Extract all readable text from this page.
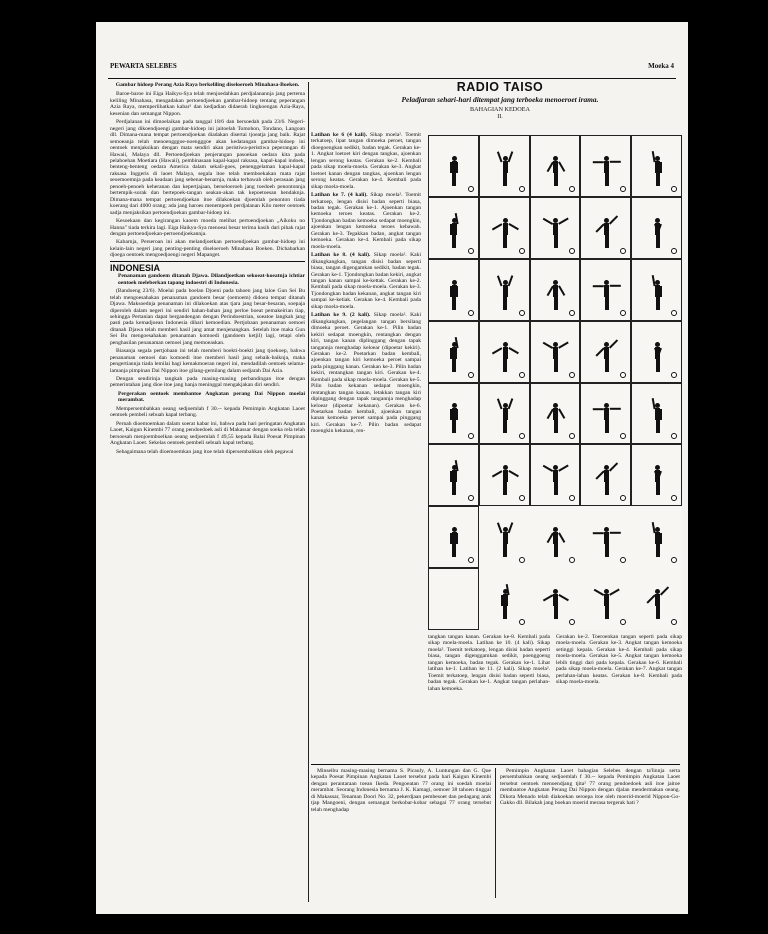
PEWARTA SELEBES	Moeka 4

Gambar hidoep Perang Azia Raya berkeliling diseloeroeh Minahasa-Boeken.

Baroe-baroe ini Eiga Haikyu-Sya telah menjoedahkan perdjalanannja jang pertema keliling Minahasa, mengadakan pertoendjoekan gambar-hidoep tentang peperangan Azia Raya, memperlihatkan kabar² dan kedjadian didaerah lingkoengan Azia-Raya, kesenian dan semangat Nippon.

Perdjalanan ini dimoelaikan pada tanggal 18/6 dan bersoedah pada 23/6. Negeri-negeri jang dikoendjoengi gambar-hidoep ini jaitoelah Tomohon, Tondano, Langoan dll. Dimana-mana tempat pertoendjoekan diadakan disertai tjoeatja jang baik. Rajat semoeanja telah menoengggoe-noengggoe akan kedatangan gambar-hidoep ini oentoek menjaksikan dengan mata sendiri akan peristiwa-peristiwa peperangan di Hawaii, Malaya dll. Pertoendjoekan penjerangan pasoekan oedara kita pada pelaboehan Moetiara (Hawaii), pembinasaan kapal-kapal raksasa, kapal-kapal indoek, benteng-benteng oedara America dalam sekali-goes, penenggelaman kapal-kapal raksasa Inggeris di laoet Malaya, segala itoe telah memboekakan mata rajat seoemoemnja pada keadaan jang sebenar-benarnja, maka terbawah oleh perasaan jang penoeh-penoeh keheranan dan kepertjajaan, berseloeroeh jang toedoeh penontonnja bertempik-sorak dan bertepoek-tangan seakan-akan tak kepoetoesan hendaknja. Dimana-mana tempat pertoendjoekan itoe dilakoekan djoemlah penonton tiada koerang dari 4000 orang; ada jang haroes menempoeh perdjalanan Kilo meter oentoek sadja menjaksikan pertoendjoekan gambar-hidoep ini.

Kesoekaan dan kegirangan kaoem moeda melihat pertoendjoekan „Aikoku no Hanna" tiada terkira lagi. Eiga Haikyu-Sya menoeai besar terima kasih dari pihak rajat dengan pertoendjoekan-pertoendjoekannja.

Kabarnja, Perseroan ini akan melandjoetkan pertoendjoekan gambar-hidoep ini kelain-lain negeri jang penting-penting diseloeroeh Minahasa Boeken. Dichabarkan djoega oentoek mengoedjoengi negeri Mapanget.

INDONESIA

Penanaman gandoem ditanah Djawa. Dilandjoetkan sekoeat-koeatnja ichtiar oentoek meleberkan tapang indoestri di Indonesia.

(Bandoeng 23/6). Moelai pada boelan Djoeni pada tahoen jang laloe Gun Sei Bu telah mengoesahakan penanaman gandoem besar (oemoem) didoea tempat ditanah Djawa. Maksoednja penanaman ini dilakoekan atas tjara jang besar-besaran, soepaja diperoleh dalam negeri ini sendiri bahan-bahan jang perloe boeat pemakeirian tiap, sehingga Pertanian dapat bergandengan dengan Perindoestrian, soeatoe langkah jang pasti pada kemadjoean Indonesia dihari kemoedian. Pertjobaan penanaman oemoei ditanah Djawa telah memberi hasil jang amat menjenangkan. Setelah itoe maka Gun Sei Bu mengoesahakan penanaman komoedi (gandoem ketjil) lagi, tetapi oleh penghasilan penanaman oemoei jang memoeaskan.

Biasanja segala pertjobaan ini telah memberi boekti-boekti jang tjoekoep, bahwa penanaman oemoei dan komoedi itoe memberi hasil jang sebaik-baiknja, maka pengertiannja tiada lemilai bagi kemakmoeran negeri ini, mendadilah oentoek selama-lamanja pimpinan Dai Nippon itoe gilang-gemilang dalam sedjarah Dai Azia.

Dengan sendirinja tangkah pada masing-masing perbandingan itoe dengan pemerintahan jang dioe itoe jang hanja meninggal mengakjakan diri sendiri.

Pergerakan oentoek membantoe Angkatan perang Dai Nippon moelai merambat.

Mempersembahkan oeang sedjoemlah f 30.-- kepada Pemimpin Angkatan Laoet oentoek pembeli sebuah kapal terbang.

Pernah dioemoemkan dalam soerat kabar ini, bahwa pada hari peringatan Angkatan Laoet, Kaigun Kinembi 77 orang pendoedoek asli di Makassar dengan soeka rela telah bersoesah menjoemboelkan oeang sedjoemlah f 49,55 kepada Balai Poesat Pimpinan Angkatan Laoet. Sekelas oentoek pembeli sebuah kapal terbang.

Sebagaimana telah dioemoemkan jang itoe telah dipersembahkan oleh pegawai

RADIO TAISO
Peladjaran sehari-hari ditempat jang terboeka menoeroet irama.
BAHAGIAN KEDOEA
II.

Latihan ke 6 (4 kali). Sikap moela². Toemit terkatoep, lipat tangan dimoeka peroet, tangan dioegoengkan sedikit, badan tegak. Gerakan ke-1. Angkat loetoet kiri dengan tangkas, ajoenkan lengan serong keatas. Gerakan ke-2. Kembali pada sikap moela-moela. Gerakan ke-3. Angkat loetoet kanan dengan tangkas, ajoenkan lengan serong keatas. Gerakan ke-4. Kembali pada sikap moela-moela.

Latihan ke 7. (4 kali). Sikap moela². Toemit terkatoep, lengan disisi badan seperti biasa, badan tegak. Gerakan ke-1. Ajoenkan tangan kemoeka teroes keatas. Gerakan ke-2. Tjondongkan badan kemoeka sedapat moengkin, ajoenkan lengan kemoeka teroes kebawah. Gerakan ke-3. Tegakkan badan, angkat tangan kemoeka. Gerakan ke-4. Kembali pada sikap moela-moela.

Latihan ke 8. (4 kali). Sikap moela². Kaki dikangkangkan, tangan disisi badan seperti biasa, tangan digengamkan sedikit, badan tegak. Gerakan ke-1. Tjondongkan badan kekiri, angkat tangan kanan sampai ke-kettak. Gerakan ke-2. Kembali pada sikap moela-moela. Gerakan ke-3. Tjondongkan badan kekanan, angkat tangan kiri sampai ke-ketiak. Gerakan ke-4. Kembali pada sikap moela-moela.

Latihan ke 9. (2 kali). Sikap moela². Kaki dikangkangkan, pegelangan tangan bersilang dimoeka peroet. Gerakan ke-1. Pilin badan kekiri sedapat moengkin, rentangkan dengan kiri, tangan kanan diplinggang dengan tapak tangannja menghadap keloear (dipoetar kekiri). Gerakan ke-2. Poetarkan badan kembali, ajoenkan tangan kiri kemoeka peroet sampai pada pinggang kanan. Gerakan ke-3. Pilin badan kekiri, rentangkan tangan kiri. Gerakan ke-4. Kembali pada sikap moela-moela. Gerakan ke-5. Pilin badan kekanan sedapat moengkin, rentangkan tangan kanan, letakkan tangan kiri dipinggang dengan tapak tangannja menghadap keloear (dipoetar kekanan). Gerakan ke-6. Poetarkan badan kembali, ajoenkan tangan kanan kemoeka peroet sampai pada pinggang kiri. Gerakan ke-7. Pilin badan sedapat moengkin kekanan, ren-

tangkan tangan kanan. Gerakan ke-8. Kembali pada sikap moela-moela. Latihan ke 10. (4 kali). Sikap moela². Toemit terkatoep, lengan disisi badan seperti biasa, tangan digenggamkan sedikit, poenggoeng tangan kemoeka, badan tegak. Gerakan ke-1. Lihat latihan ke-1. Latihan ke 11. (2 kali). Sikap moela². Toemit terkatoep, lengan disisi badan seperti biasa, badan tegak. Gerakan ke-1. Angkat tangan perlahan-lahan kemoeka.

Gerakan ke-2. Toeroenkan tangan seperti pada sikap moela-moela. Gerakan ke-3. Angkat tangan kemoeka setinggi kepala. Gerakan ke-4. Kembali pada sikap moela-moela. Gerakan ke-5. Angkat tangan kemoeka lebih tinggi dari pada kepala. Gerakan ke-6. Kembali pada sikap moela-moela. Gerakan ke-7. Angkat tangan perlahan-lahan keatas. Gerakan ke-8. Kembali pada sikap moela-moela.

Minseibu masing-masing bernama S. Picauly, A. Luntungan dan G. Que kepada Poesat Pimpinan Angkatan Laoet tersebut pada hari Kaigun Kinembi dengan perantaraan toean Ikeda. Pengoeatan 77 orang ini soedah moelai merambat. Seorang Indonesia bernama J. K. Kamagi, oemoer 38 tahoen tinggal di Makassar, Tenaman Doori No. 32, pekerdjaan pembesoet dan pedagang arak tjap Mangoeni, dengan semangat berkobar-kobar sebagai 77 orang tersebut telah menghadap

Pemimpin Angkatan Laoet bahagian Selebes dengan ta'linnja serta persembahkan oeang sedjoemlah f 30.-- kepada Pemimpin Angkatan Laoet tersebut oentoek menoendjang tjita² 77 orang pendoedoek asli itoe jaitoe membantoe Angkatan Perang Dai Nippon dengan djalan mendermakan oeang. Dikota Menado telah diakoekan seroepa itoe oleh moerid-moerid Nippon-Go-Gakko dll. Bilakah jang boekan moerid merasa tergerak hati ?
